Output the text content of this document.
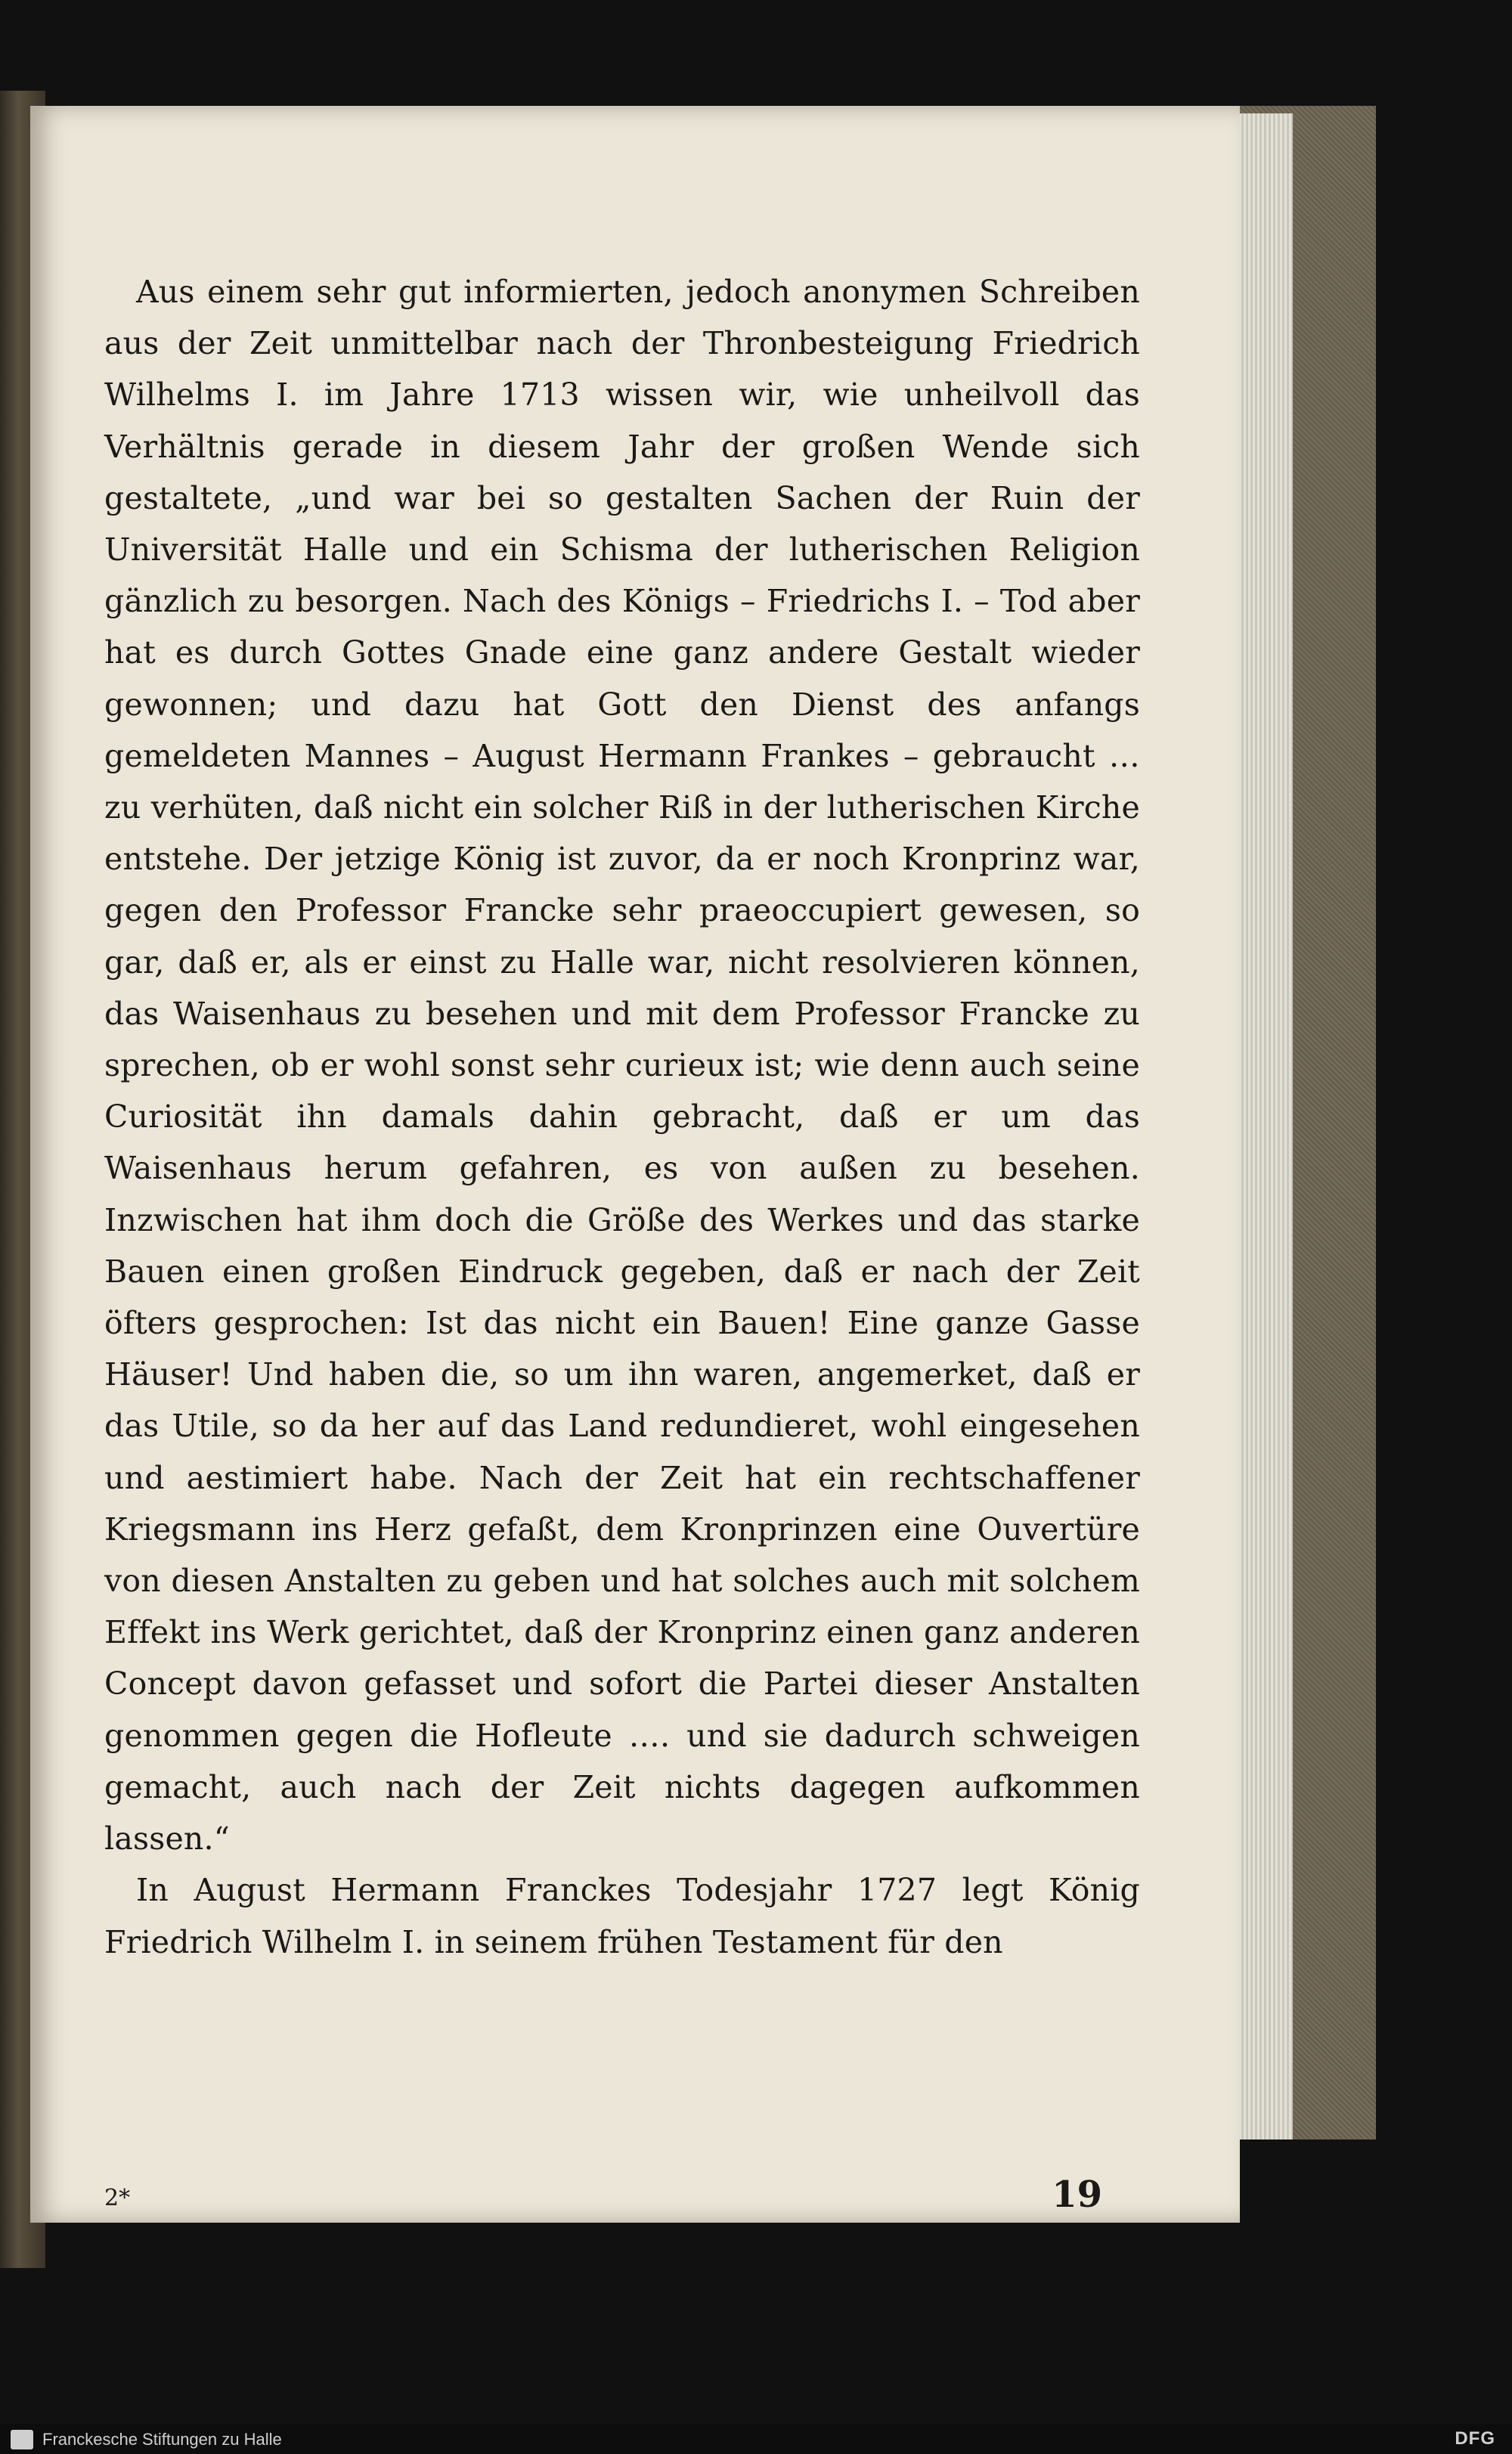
Aus einem sehr gut informierten, jedoch anonymen Schreiben aus der Zeit unmittelbar nach der Thronbesteigung Friedrich Wilhelms I. im Jahre 1713 wissen wir, wie unheilvoll das Verhältnis gerade in diesem Jahr der großen Wende sich gestaltete, „und war bei so gestalten Sachen der Ruin der Universität Halle und ein Schisma der lutherischen Religion gänzlich zu besorgen. Nach des Königs – Friedrichs I. – Tod aber hat es durch Gottes Gnade eine ganz andere Gestalt wieder gewonnen; und dazu hat Gott den Dienst des anfangs gemeldeten Mannes – August Hermann Frankes – gebraucht … zu verhüten, daß nicht ein solcher Riß in der lutherischen Kirche entstehe. Der jetzige König ist zuvor, da er noch Kronprinz war, gegen den Professor Francke sehr praeoccupiert gewesen, so gar, daß er, als er einst zu Halle war, nicht resolvieren können, das Waisenhaus zu besehen und mit dem Professor Francke zu sprechen, ob er wohl sonst sehr curieux ist; wie denn auch seine Curiosität ihn damals dahin gebracht, daß er um das Waisenhaus herum gefahren, es von außen zu besehen. Inzwischen hat ihm doch die Größe des Werkes und das starke Bauen einen großen Eindruck gegeben, daß er nach der Zeit öfters gesprochen: Ist das nicht ein Bauen! Eine ganze Gasse Häuser! Und haben die, so um ihn waren, angemerket, daß er das Utile, so da her auf das Land redundieret, wohl eingesehen und aestimiert habe. Nach der Zeit hat ein rechtschaffener Kriegsmann ins Herz gefaßt, dem Kronprinzen eine Ouvertüre von diesen Anstalten zu geben und hat solches auch mit solchem Effekt ins Werk gerichtet, daß der Kronprinz einen ganz anderen Concept davon gefasset und sofort die Partei dieser Anstalten genommen gegen die Hofleute …. und sie dadurch schweigen gemacht, auch nach der Zeit nichts dagegen aufkommen lassen.“

In August Hermann Franckes Todesjahr 1727 legt König Friedrich Wilhelm I. in seinem frühen Testament für den

2*	19
Franckesche Stiftungen zu Halle	DFG
